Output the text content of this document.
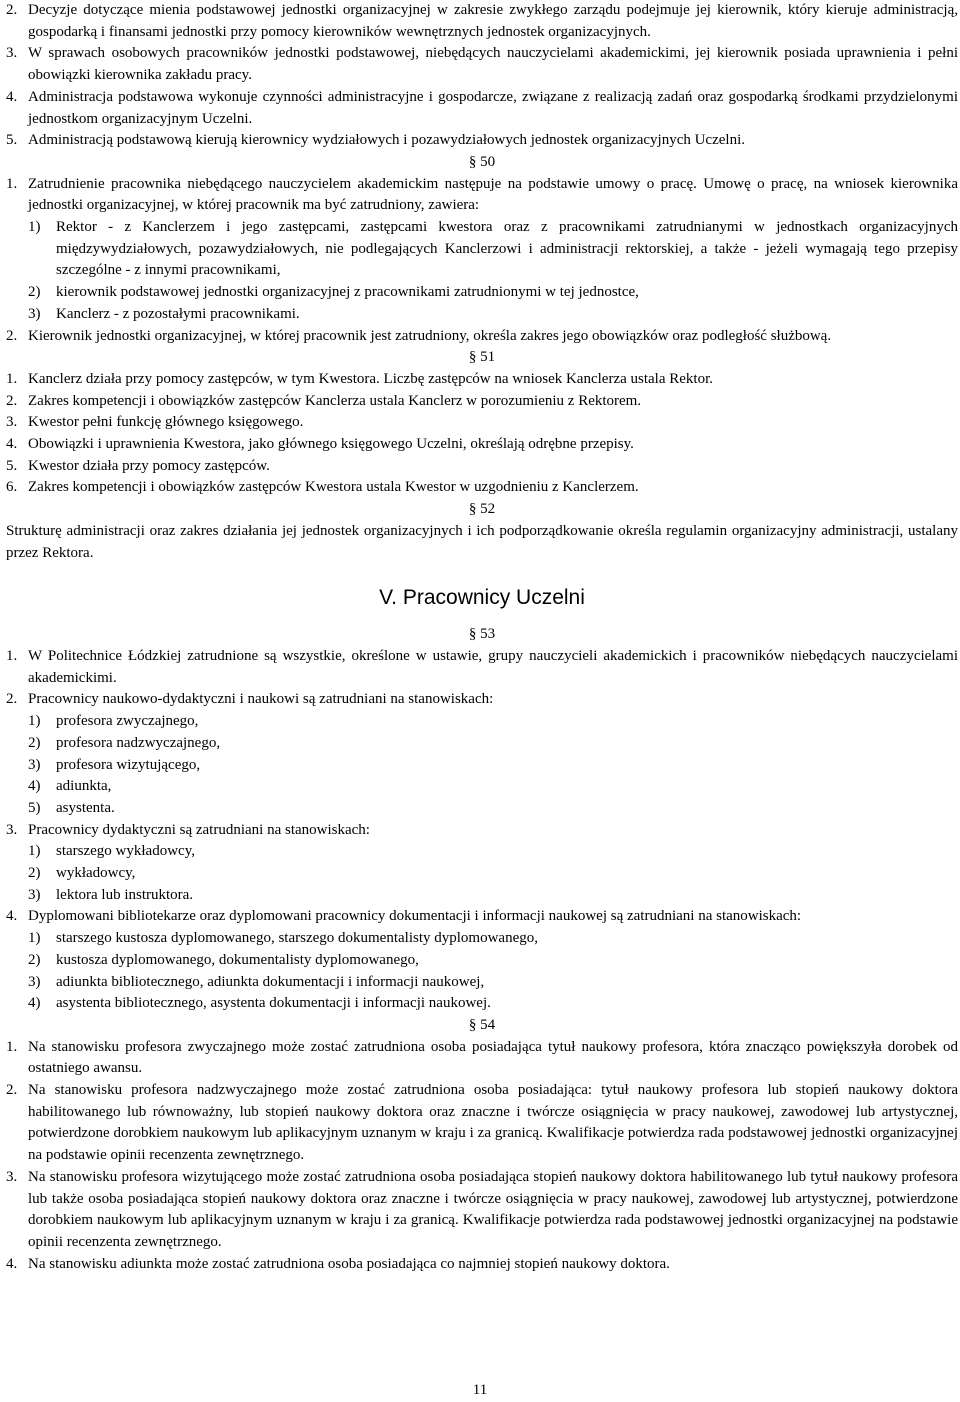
2. Decyzje dotyczące mienia podstawowej jednostki organizacyjnej w zakresie zwykłego zarządu podejmuje jej kierownik, który kieruje administracją, gospodarką i finansami jednostki przy pomocy kierowników wewnętrznych jednostek organizacyjnych.
3. W sprawach osobowych pracowników jednostki podstawowej, niebędących nauczycielami akademickimi, jej kierownik posiada uprawnienia i pełni obowiązki kierownika zakładu pracy.
4. Administracja podstawowa wykonuje czynności administracyjne i gospodarcze, związane z realizacją zadań oraz gospodarką środkami przydzielonymi jednostkom organizacyjnym Uczelni.
5. Administracją podstawową kierują kierownicy wydziałowych i pozawydziałowych jednostek organizacyjnych Uczelni.
§ 50
1. Zatrudnienie pracownika niebędącego nauczycielem akademickim następuje na podstawie umowy o pracę. Umowę o pracę, na wniosek kierownika jednostki organizacyjnej, w której pracownik ma być zatrudniony, zawiera:
1)	Rektor - z Kanclerzem i jego zastępcami, zastępcami kwestora oraz z pracownikami zatrudnianymi w jednostkach organizacyjnych międzywydziałowych, pozawydziałowych, nie podlegających Kanclerzowi i administracji rektorskiej, a także - jeżeli wymagają tego przepisy szczególne - z innymi pracownikami,
2)	kierownik podstawowej jednostki organizacyjnej z pracownikami zatrudnionymi w tej jednostce,
3)	Kanclerz - z pozostałymi pracownikami.
2. Kierownik jednostki organizacyjnej, w której pracownik jest zatrudniony, określa zakres jego obowiązków oraz podległość służbową.
§ 51
1. Kanclerz działa przy pomocy zastępców, w tym Kwestora. Liczbę zastępców na wniosek Kanclerza ustala Rektor.
2. Zakres kompetencji i obowiązków zastępców Kanclerza ustala Kanclerz w porozumieniu z Rektorem.
3. Kwestor pełni funkcję głównego księgowego.
4. Obowiązki i uprawnienia Kwestora, jako głównego księgowego Uczelni, określają odrębne przepisy.
5. Kwestor działa przy pomocy zastępców.
6. Zakres kompetencji i obowiązków zastępców Kwestora ustala Kwestor w uzgodnieniu z Kanclerzem.
§ 52
Strukturę administracji oraz zakres działania jej jednostek organizacyjnych i ich podporządkowanie określa regulamin organizacyjny administracji, ustalany przez Rektora.
V. Pracownicy Uczelni
§ 53
1. W Politechnice Łódzkiej zatrudnione są wszystkie, określone w ustawie, grupy nauczycieli akademickich i pracowników niebędących nauczycielami akademickimi.
2. Pracownicy naukowo-dydaktyczni i naukowi są zatrudniani na stanowiskach:
1)	profesora zwyczajnego,
2)	profesora nadzwyczajnego,
3)	profesora wizytującego,
4)	adiunkta,
5)	asystenta.
3. Pracownicy dydaktyczni są zatrudniani na stanowiskach:
1)	starszego wykładowcy,
2)	wykładowcy,
3)	lektora lub instruktora.
4. Dyplomowani bibliotekarze oraz dyplomowani pracownicy dokumentacji i informacji naukowej są zatrudniani na stanowiskach:
1)	starszego kustosza dyplomowanego, starszego dokumentalisty dyplomowanego,
2)	kustosza dyplomowanego, dokumentalisty dyplomowanego,
3)	adiunkta bibliotecznego, adiunkta dokumentacji i informacji naukowej,
4)	asystenta bibliotecznego, asystenta dokumentacji i informacji naukowej.
§ 54
1. Na stanowisku profesora zwyczajnego może zostać zatrudniona osoba posiadająca tytuł naukowy profesora, która znacząco powiększyła dorobek od ostatniego awansu.
2. Na stanowisku profesora nadzwyczajnego może zostać zatrudniona osoba posiadająca: tytuł naukowy profesora lub stopień naukowy doktora habilitowanego lub równoważny, lub stopień naukowy doktora oraz znaczne i twórcze osiągnięcia w pracy naukowej, zawodowej lub artystycznej, potwierdzone dorobkiem naukowym lub aplikacyjnym uznanym w kraju i za granicą. Kwalifikacje potwierdza rada podstawowej jednostki organizacyjnej na podstawie opinii recenzenta zewnętrznego.
3. Na stanowisku profesora wizytującego może zostać zatrudniona osoba posiadająca stopień naukowy doktora habilitowanego lub tytuł naukowy profesora lub także osoba posiadająca stopień naukowy doktora oraz znaczne i twórcze osiągnięcia w pracy naukowej, zawodowej lub artystycznej, potwierdzone dorobkiem naukowym lub aplikacyjnym uznanym w kraju i za granicą. Kwalifikacje potwierdza rada podstawowej jednostki organizacyjnej na podstawie opinii recenzenta zewnętrznego.
4. Na stanowisku adiunkta może zostać zatrudniona osoba posiadająca co najmniej stopień naukowy doktora.
11
